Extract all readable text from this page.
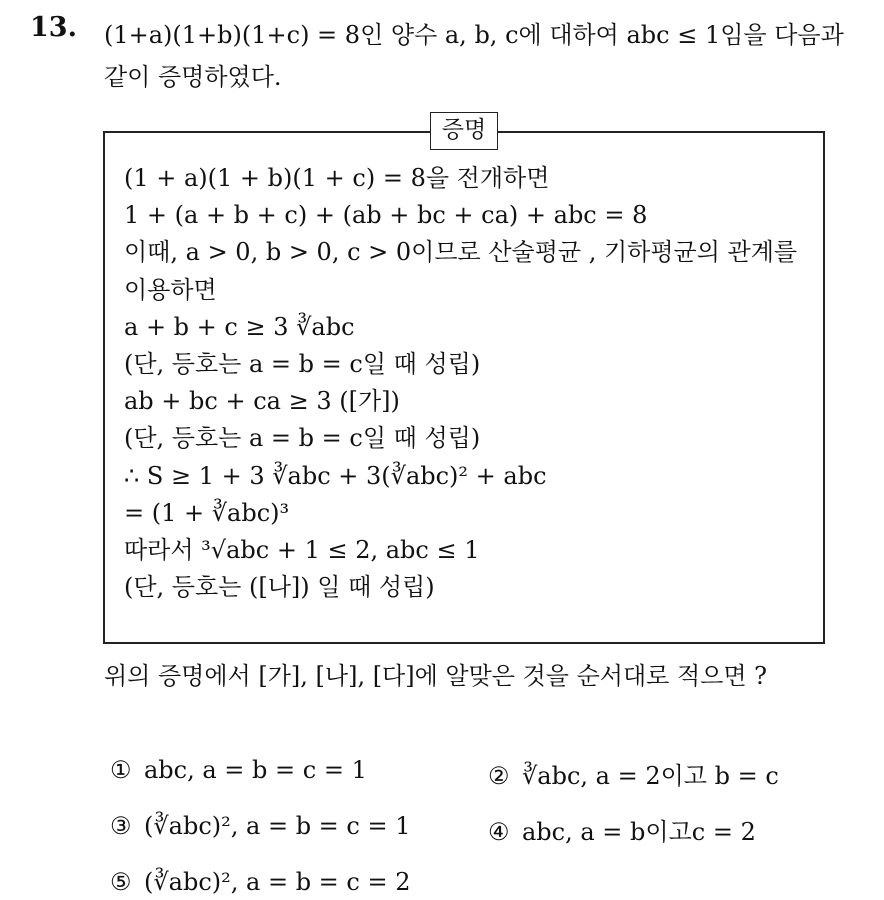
13. (1+a)(1+b)(1+c) = 8인 양수 a, b, c에 대하여 abc ≤ 1임을 다음과
같이 증명하였다.
증명
(1 + a)(1 + b)(1 + c) = 8을 전개하면
1 + (a + b + c) + (ab + bc + ca) + abc = 8
이때, a > 0, b > 0, c > 0이므로 산술평균 , 기하평균의 관계를
이용하면
a + b + c ≥ 3 ∛abc
(단, 등호는 a = b = c일 때 성립)
ab + bc + ca ≥ 3 ([가])
(단, 등호는 a = b = c일 때 성립)
∴ S ≥ 1 + 3 ∛abc + 3(∛abc)² + abc
= (1 + ∛abc)³
따라서 ³√abc + 1 ≤ 2, abc ≤ 1
(단, 등호는 ([나]) 일 때 성립)
위의 증명에서 [가], [나], [다]에 알맞은 것을 순서대로 적으면 ?
① abc, a = b = c = 1	② ∛abc, a = 2이고 b = c
③ (∛abc)², a = b = c = 1	④ abc, a = b이고c = 2
⑤ (∛abc)², a = b = c = 2
